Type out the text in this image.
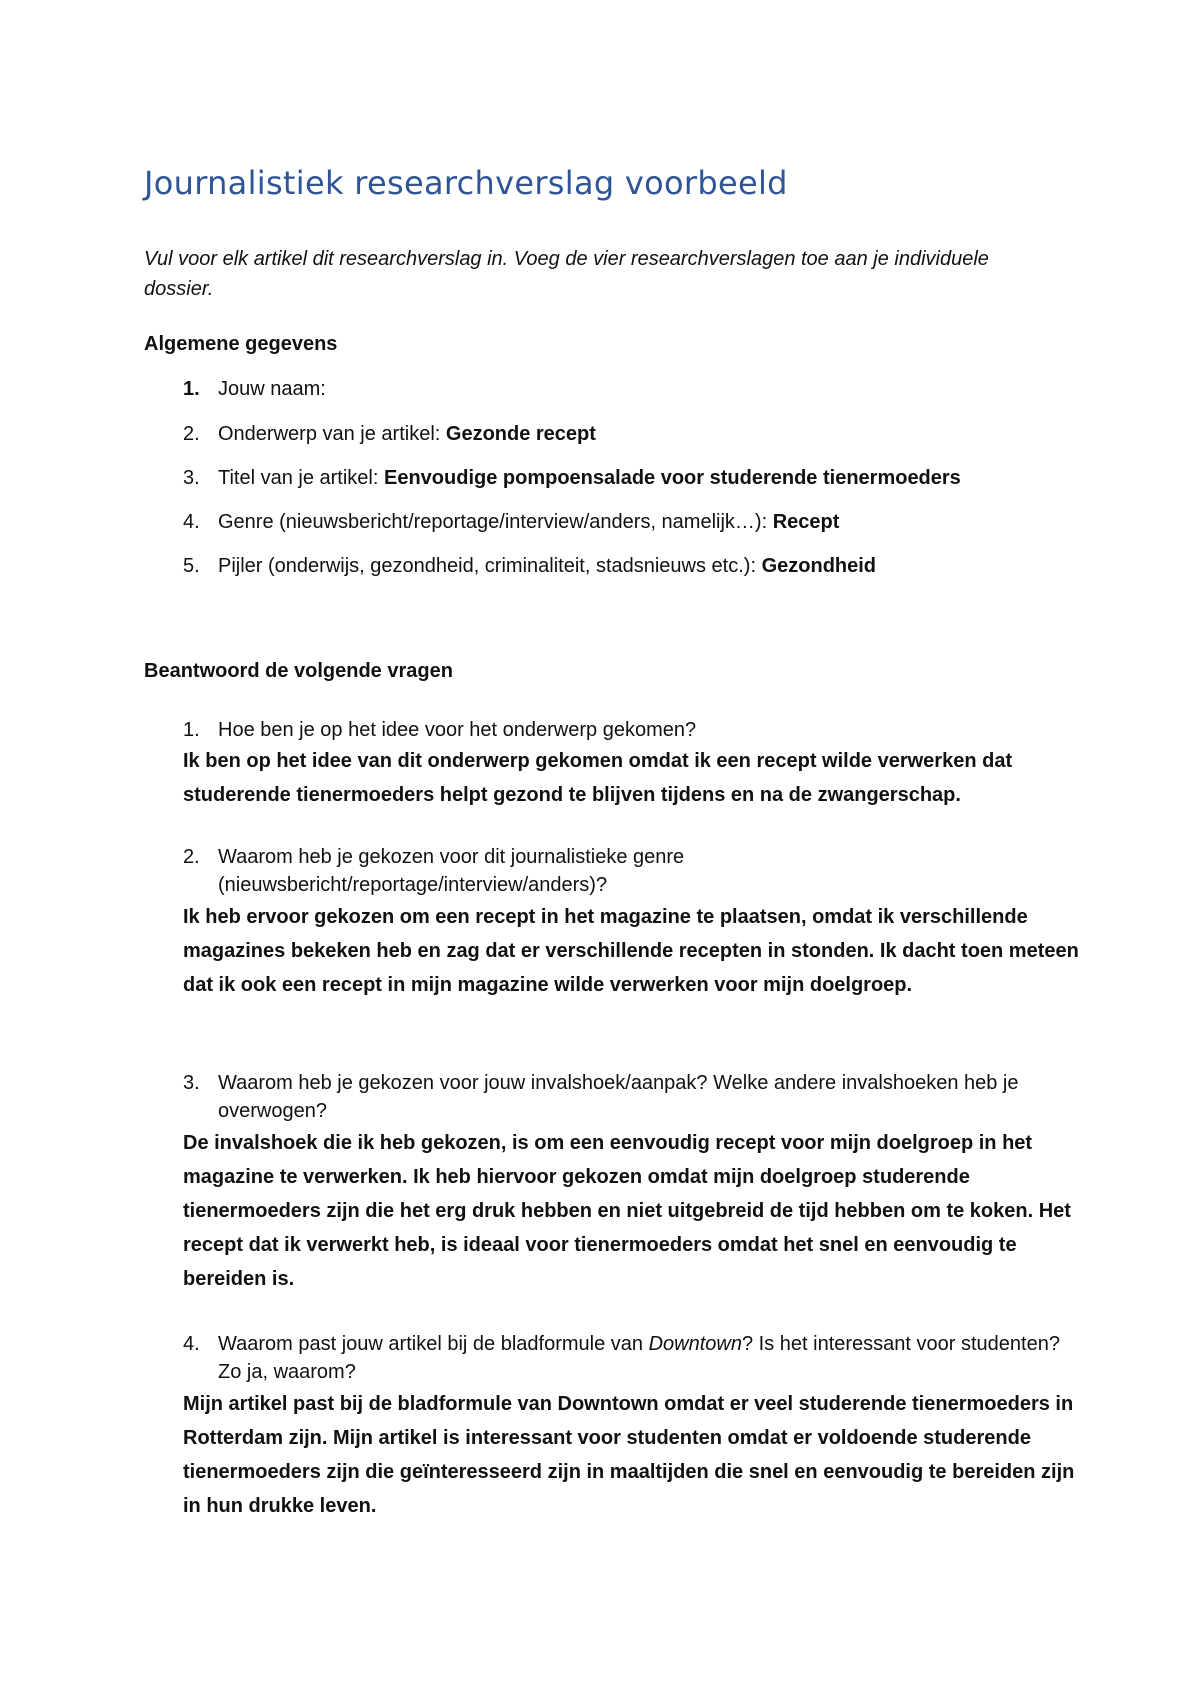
Journalistiek researchverslag voorbeeld

Vul voor elk artikel dit researchverslag in. Voeg de vier researchverslagen toe aan je individuele dossier.

Algemene gegevens

1. Jouw naam:

2. Onderwerp van je artikel: Gezonde recept

3. Titel van je artikel: Eenvoudige pompoensalade voor studerende tienermoeders

4. Genre (nieuwsbericht/reportage/interview/anders, namelijk…): Recept

5. Pijler (onderwijs, gezondheid, criminaliteit, stadsnieuws etc.): Gezondheid

Beantwoord de volgende vragen

1. Hoe ben je op het idee voor het onderwerp gekomen?

Ik ben op het idee van dit onderwerp gekomen omdat ik een recept wilde verwerken dat studerende tienermoeders helpt gezond te blijven tijdens en na de zwangerschap.

2. Waarom heb je gekozen voor dit journalistieke genre (nieuwsbericht/reportage/interview/anders)?

Ik heb ervoor gekozen om een recept in het magazine te plaatsen, omdat ik verschillende magazines bekeken heb en zag dat er verschillende recepten in stonden. Ik dacht toen meteen dat ik ook een recept in mijn magazine wilde verwerken voor mijn doelgroep.

3. Waarom heb je gekozen voor jouw invalshoek/aanpak? Welke andere invalshoeken heb je overwogen?

De invalshoek die ik heb gekozen, is om een eenvoudig recept voor mijn doelgroep in het magazine te verwerken. Ik heb hiervoor gekozen omdat mijn doelgroep studerende tienermoeders zijn die het erg druk hebben en niet uitgebreid de tijd hebben om te koken. Het recept dat ik verwerkt heb, is ideaal voor tienermoeders omdat het snel en eenvoudig te bereiden is.

4. Waarom past jouw artikel bij de bladformule van Downtown? Is het interessant voor studenten? Zo ja, waarom?

Mijn artikel past bij de bladformule van Downtown omdat er veel studerende tienermoeders in Rotterdam zijn. Mijn artikel is interessant voor studenten omdat er voldoende studerende tienermoeders zijn die geïnteresseerd zijn in maaltijden die snel en eenvoudig te bereiden zijn in hun drukke leven.
